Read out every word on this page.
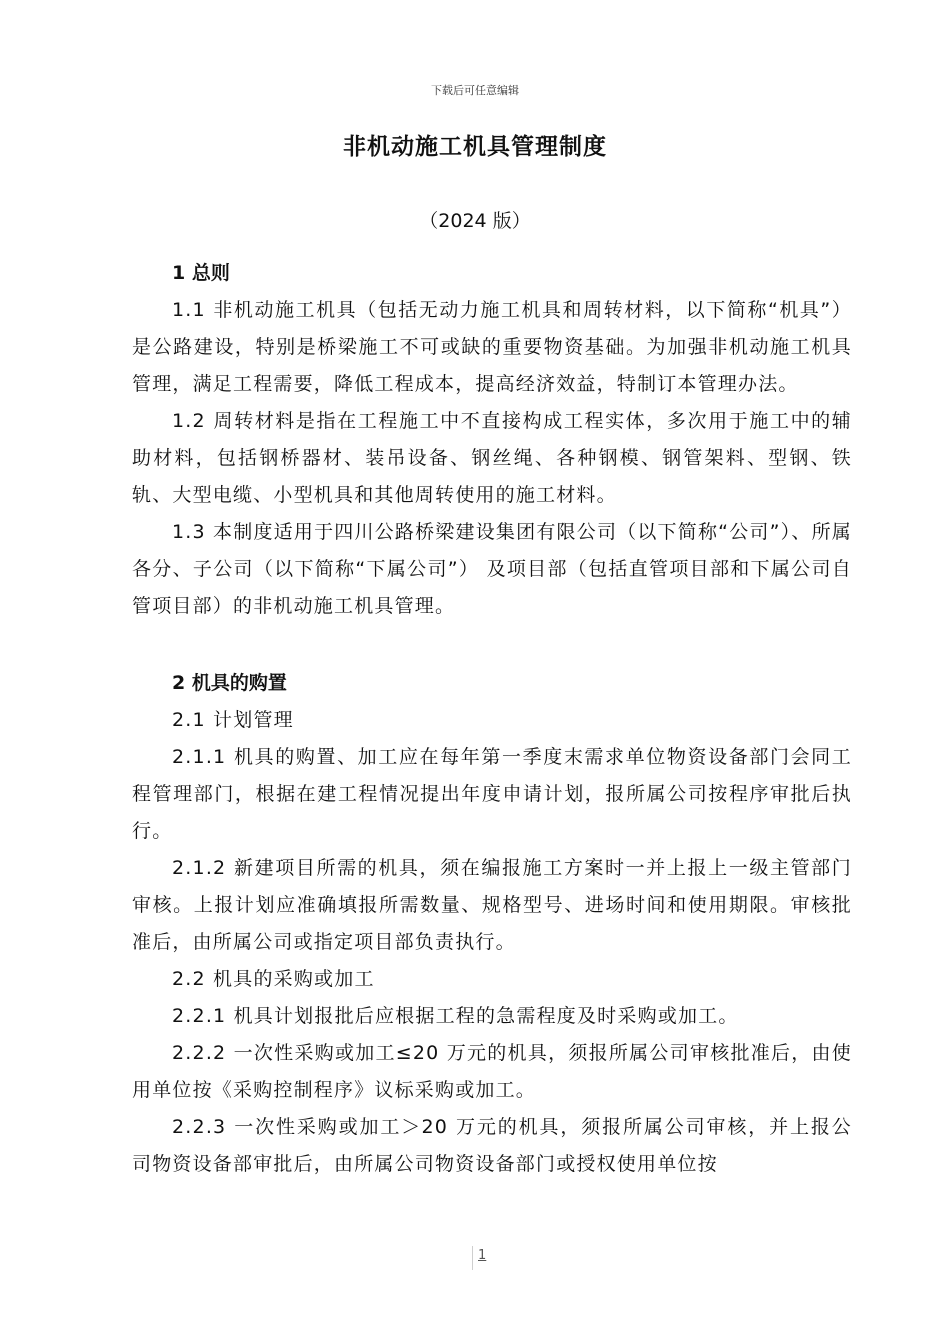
下载后可任意编辑
非机动施工机具管理制度
（2024 版）
1 总则

1.1 非机动施工机具（包括无动力施工机具和周转材料，以下简称“机具”）是公路建设，特别是桥梁施工不可或缺的重要物资基础。为加强非机动施工机具管理，满足工程需要，降低工程成本，提高经济效益，特制订本管理办法。

1.2 周转材料是指在工程施工中不直接构成工程实体，多次用于施工中的辅助材料，包括钢桥器材、装吊设备、钢丝绳、各种钢模、钢管架料、型钢、铁轨、大型电缆、小型机具和其他周转使用的施工材料。

1.3 本制度适用于四川公路桥梁建设集团有限公司（以下简称“公司”）、所属各分、子公司（以下简称“下属公司”） 及项目部（包括直管项目部和下属公司自管项目部）的非机动施工机具管理。

2 机具的购置

2.1 计划管理

2.1.1 机具的购置、加工应在每年第一季度末需求单位物资设备部门会同工程管理部门，根据在建工程情况提出年度申请计划，报所属公司按程序审批后执行。

2.1.2 新建项目所需的机具，须在编报施工方案时一并上报上一级主管部门审核。上报计划应准确填报所需数量、规格型号、进场时间和使用期限。审核批准后，由所属公司或指定项目部负责执行。

2.2 机具的采购或加工

2.2.1 机具计划报批后应根据工程的急需程度及时采购或加工。

2.2.2 一次性采购或加工≤20 万元的机具，须报所属公司审核批准后，由使用单位按《采购控制程序》议标采购或加工。

2.2.3 一次性采购或加工＞20 万元的机具，须报所属公司审核，并上报公司物资设备部审批后，由所属公司物资设备部门或授权使用单位按

1
